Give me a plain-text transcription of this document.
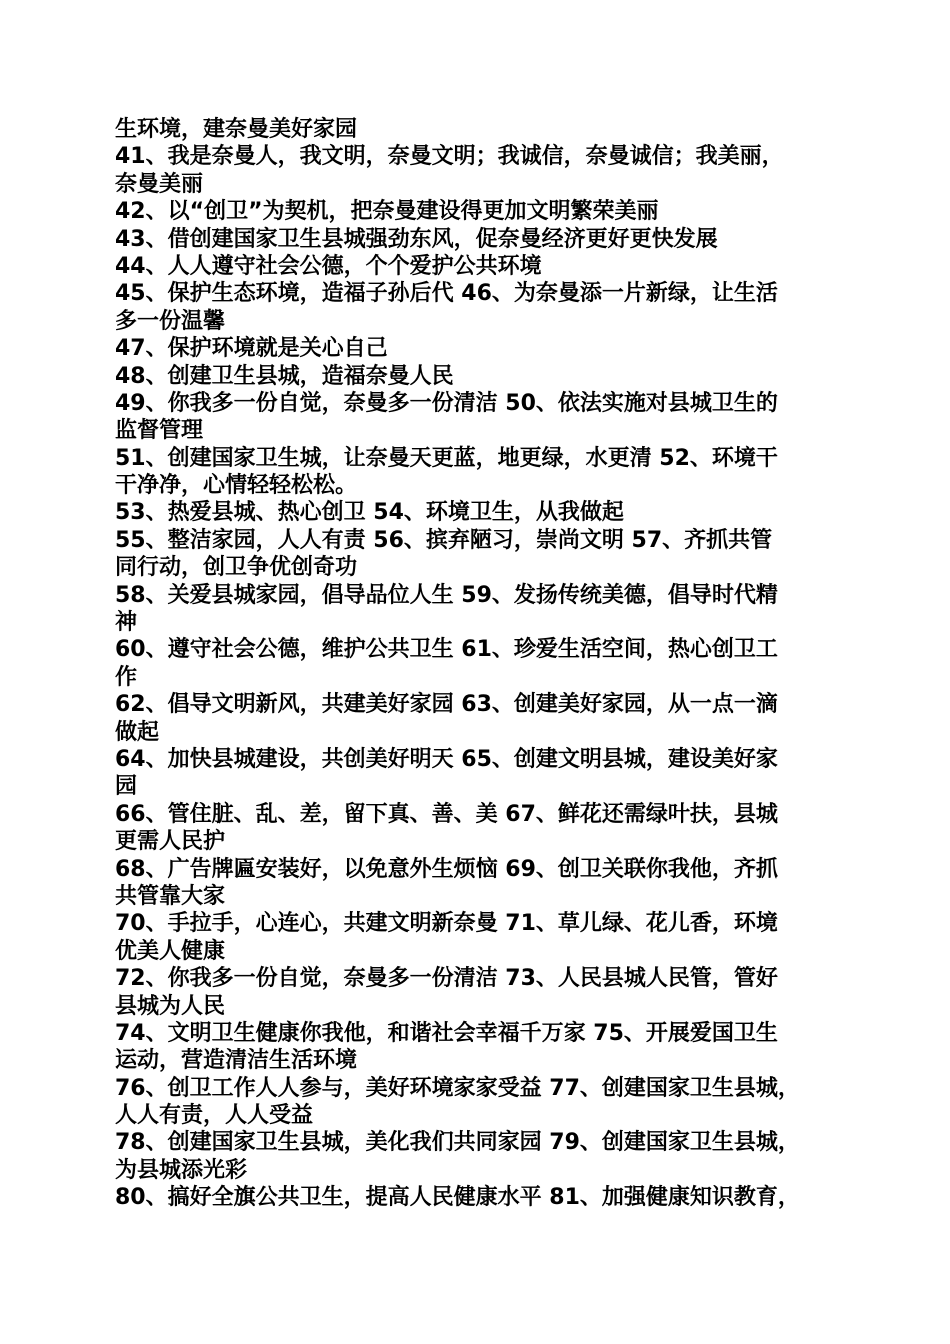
生环境，建奈曼美好家园
41、我是奈曼人，我文明，奈曼文明；我诚信，奈曼诚信；我美丽，
奈曼美丽
42、以“创卫”为契机，把奈曼建设得更加文明繁荣美丽
43、借创建国家卫生县城强劲东风，促奈曼经济更好更快发展
44、人人遵守社会公德，个个爱护公共环境
45、保护生态环境，造福子孙后代 46、为奈曼添一片新绿，让生活
多一份温馨
47、保护环境就是关心自己
48、创建卫生县城，造福奈曼人民
49、你我多一份自觉，奈曼多一份清洁 50、依法实施对县城卫生的
监督管理
51、创建国家卫生城，让奈曼天更蓝，地更绿，水更清 52、环境干
干净净，心情轻轻松松。
53、热爱县城、热心创卫 54、环境卫生，从我做起
55、整洁家园，人人有责 56、摈弃陋习，崇尚文明 57、齐抓共管
同行动，创卫争优创奇功
58、关爱县城家园，倡导品位人生 59、发扬传统美德，倡导时代精
神
60、遵守社会公德，维护公共卫生 61、珍爱生活空间，热心创卫工
作
62、倡导文明新风，共建美好家园 63、创建美好家园，从一点一滴
做起
64、加快县城建设，共创美好明天 65、创建文明县城，建设美好家
园
66、管住脏、乱、差，留下真、善、美 67、鲜花还需绿叶扶，县城
更需人民护
68、广告牌匾安装好，以免意外生烦恼 69、创卫关联你我他，齐抓
共管靠大家
70、手拉手，心连心，共建文明新奈曼 71、草儿绿、花儿香，环境
优美人健康
72、你我多一份自觉，奈曼多一份清洁 73、人民县城人民管，管好
县城为人民
74、文明卫生健康你我他，和谐社会幸福千万家 75、开展爱国卫生
运动，营造清洁生活环境
76、创卫工作人人参与，美好环境家家受益 77、创建国家卫生县城，
人人有责，人人受益
78、创建国家卫生县城，美化我们共同家园 79、创建国家卫生县城，
为县城添光彩
80、搞好全旗公共卫生，提高人民健康水平 81、加强健康知识教育，
